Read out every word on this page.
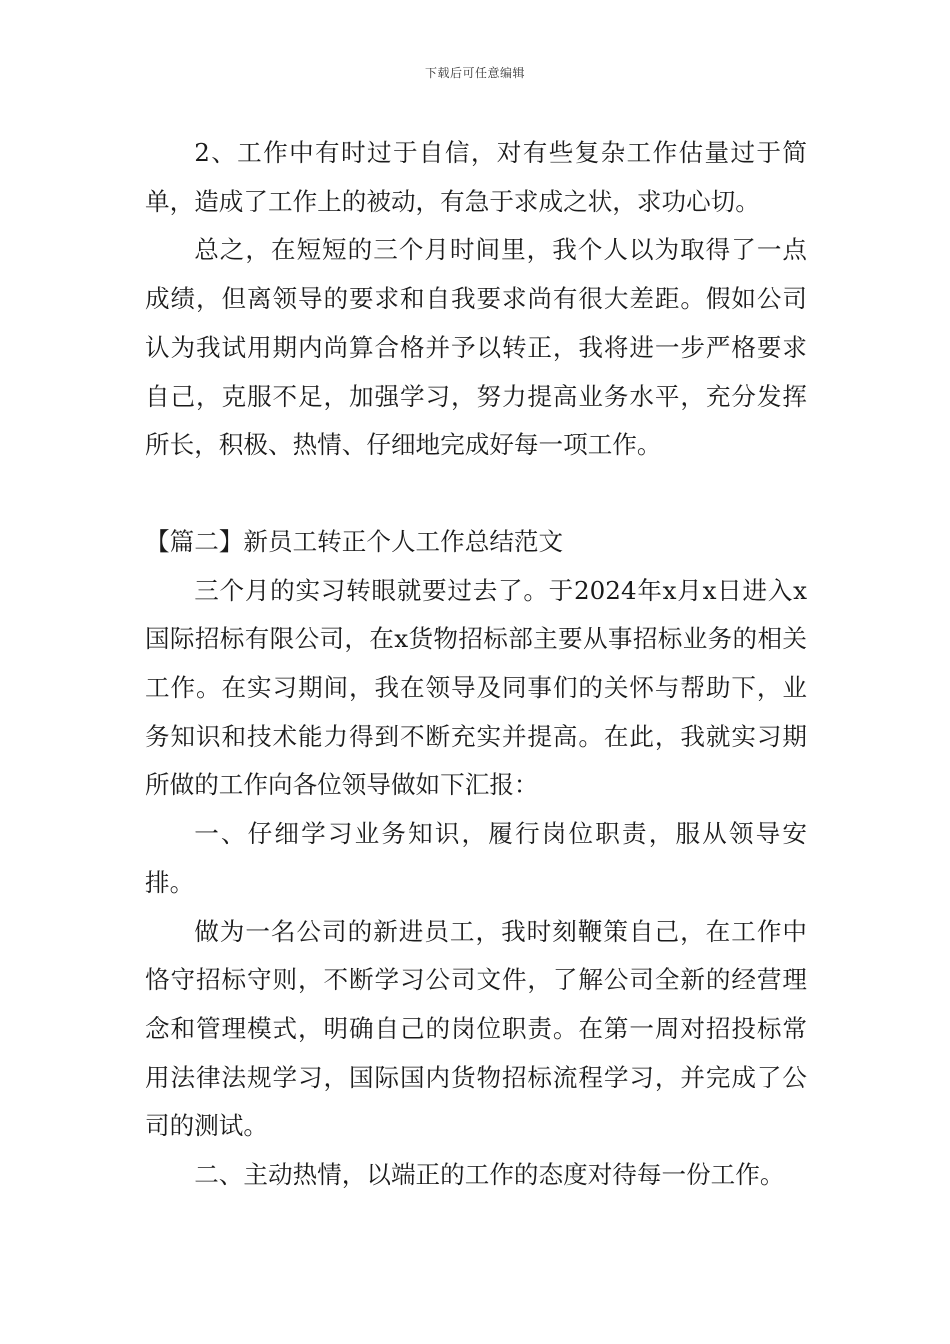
下载后可任意编辑

2、工作中有时过于自信，对有些复杂工作估量过于简单，造成了工作上的被动，有急于求成之状，求功心切。

总之，在短短的三个月时间里，我个人以为取得了一点成绩，但离领导的要求和自我要求尚有很大差距。假如公司认为我试用期内尚算合格并予以转正，我将进一步严格要求自己，克服不足，加强学习，努力提高业务水平，充分发挥所长，积极、热情、仔细地完成好每一项工作。

【篇二】新员工转正个人工作总结范文

三个月的实习转眼就要过去了。于2024年x月x日进入x国际招标有限公司，在x货物招标部主要从事招标业务的相关工作。在实习期间，我在领导及同事们的关怀与帮助下，业务知识和技术能力得到不断充实并提高。在此，我就实习期所做的工作向各位领导做如下汇报：

一、仔细学习业务知识，履行岗位职责，服从领导安排。

做为一名公司的新进员工，我时刻鞭策自己，在工作中恪守招标守则，不断学习公司文件，了解公司全新的经营理念和管理模式，明确自己的岗位职责。在第一周对招投标常用法律法规学习，国际国内货物招标流程学习，并完成了公司的测试。

二、主动热情，以端正的工作的态度对待每一份工作。
